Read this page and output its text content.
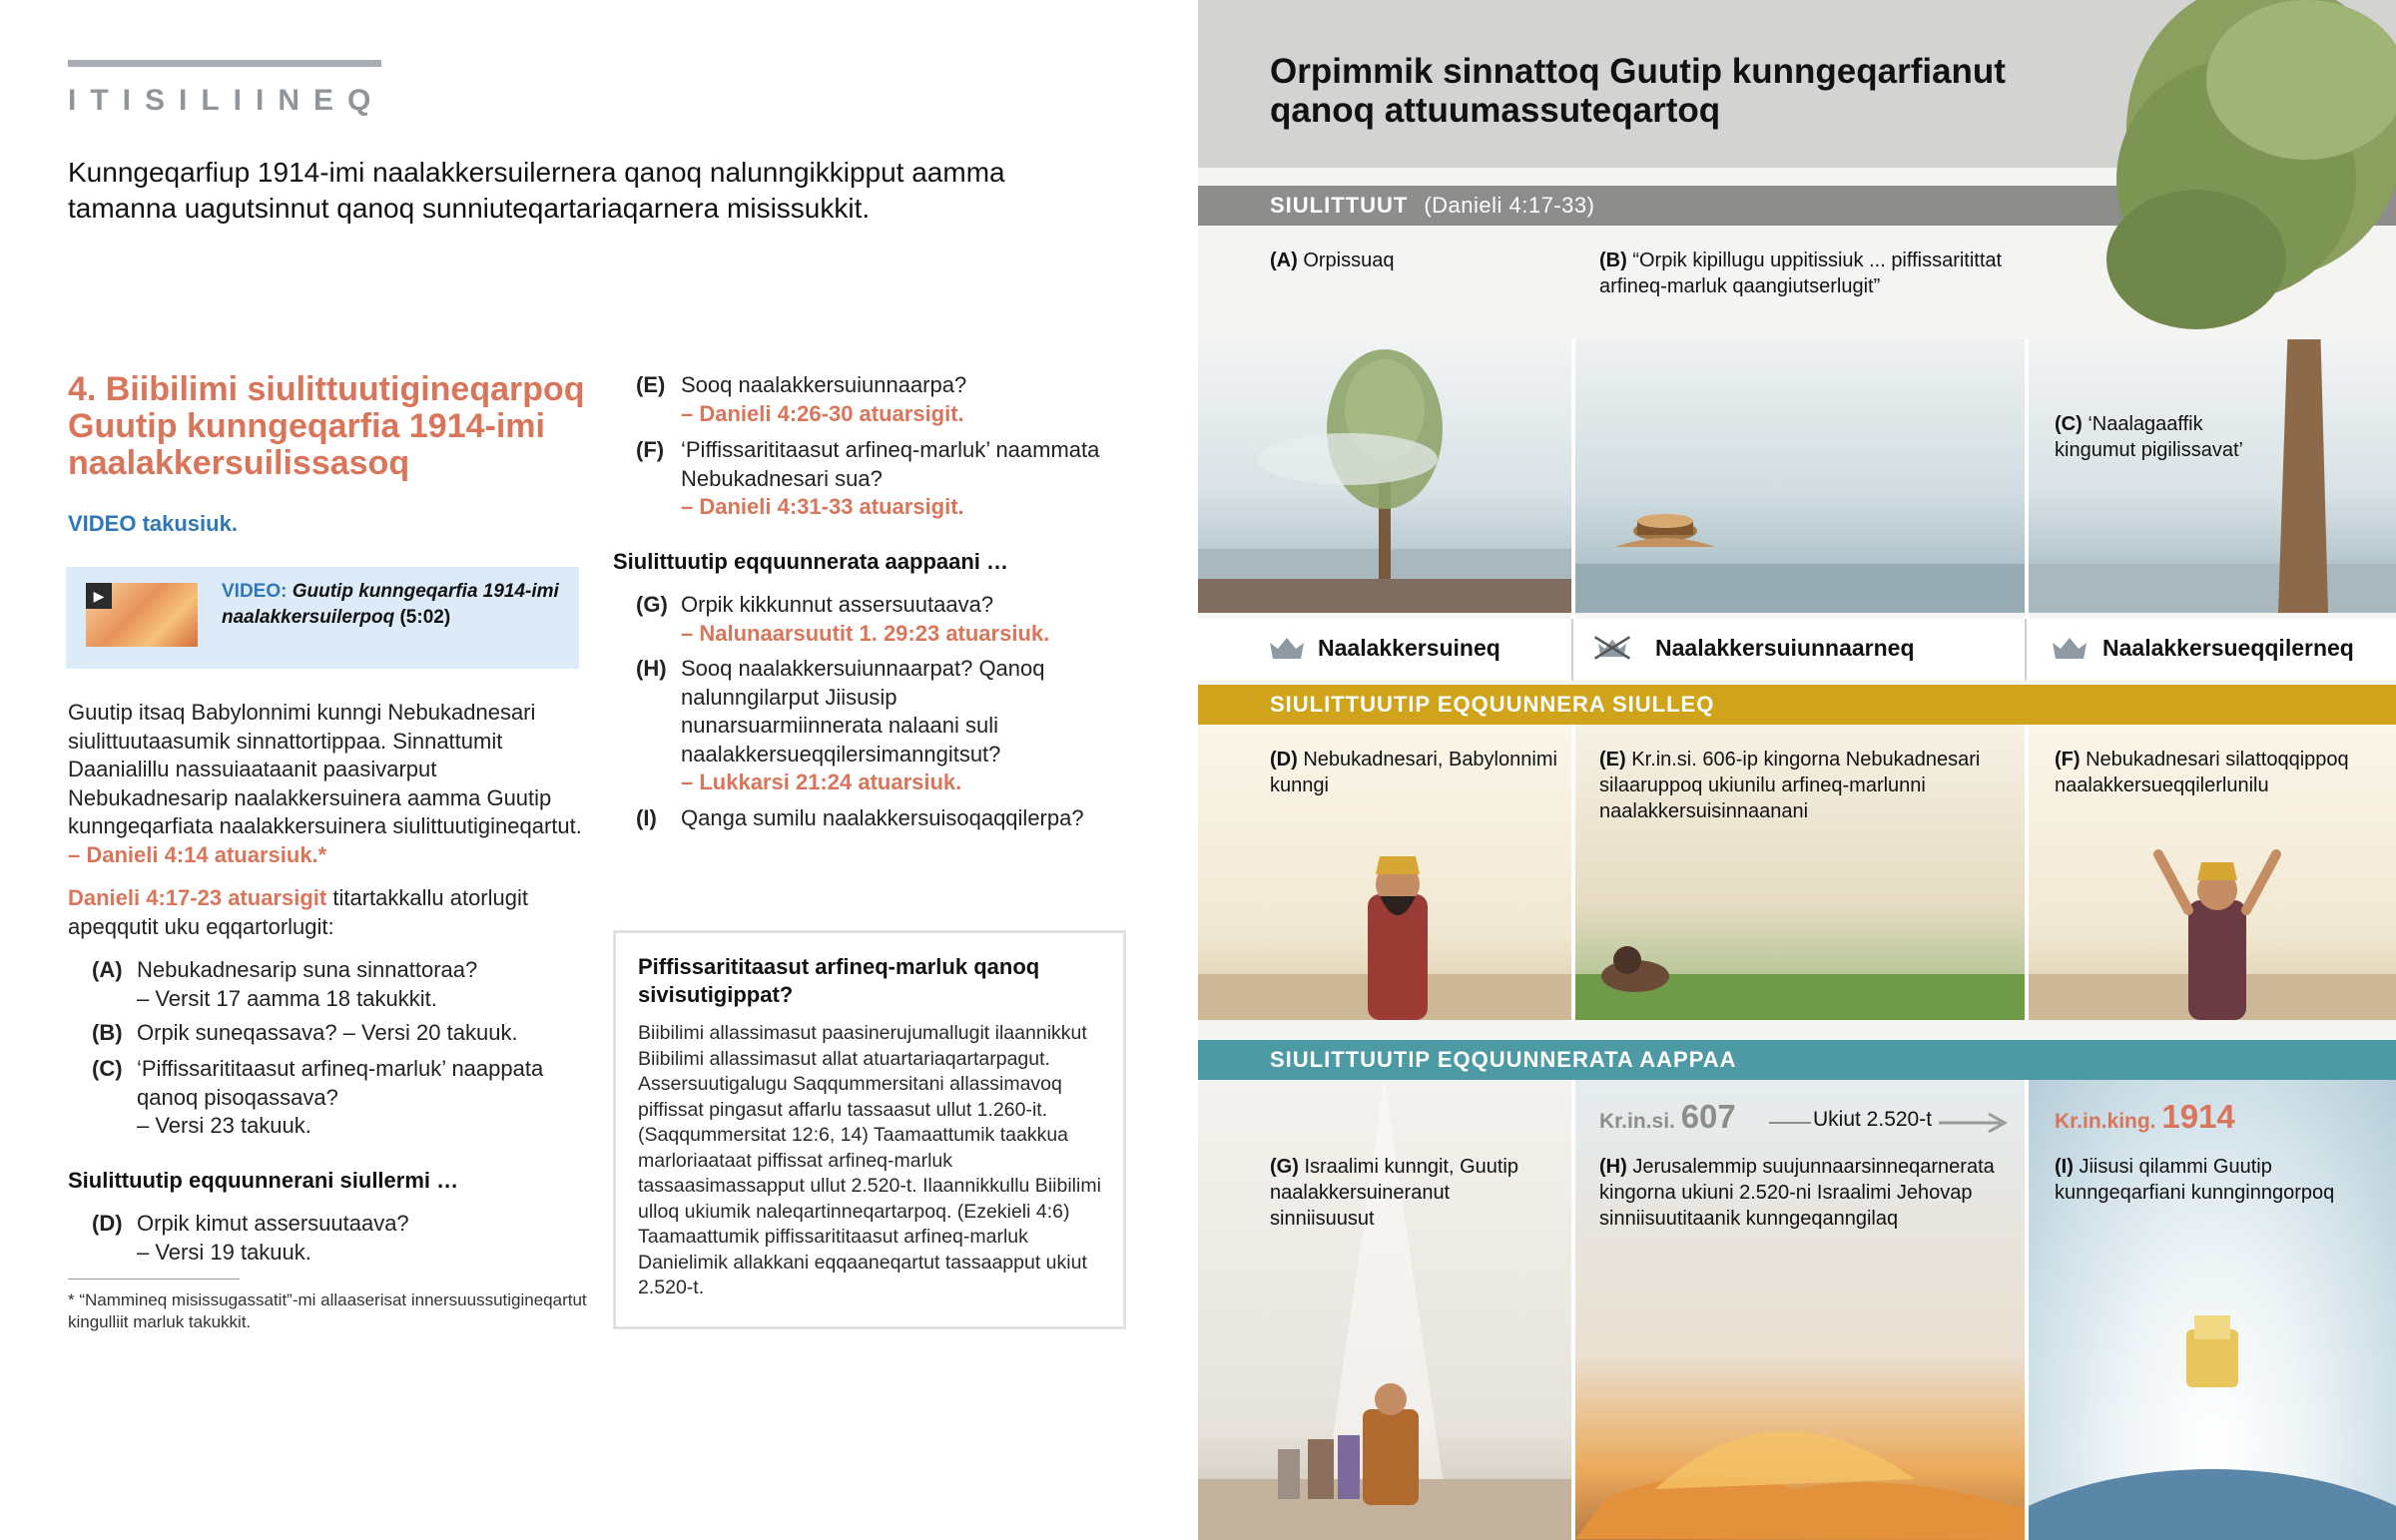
ITISILIINEQ
Kunngeqarfiup 1914-imi naalakkersuilernera qanoq nalunngikkipput aamma tamanna uagutsinnut qanoq sunniuteqartariaqarnera misissukkit.
4. Biibilimi siulittuutigineqarpoq Guutip kunngeqarfia 1914-imi naalakkersuilissasoq
VIDEO takusiuk.
▶	VIDEO: Guutip kunngeqarfia 1914-imi naalakkersuilerpoq (5:02)
Guutip itsaq Babylonnimi kunngi Nebukadnesari siulittuutaasumik sinnattortippaa. Sinnattumit Daanialillu nassuiaataanit paasivarput Nebukadnesarip naalakkersuinera aamma Guutip kunngeqarfiata naalakkersuinera siulittuutigineqartut.
– Danieli 4:14 atuarsiuk.*
Danieli 4:17-23 atuarsigit titartakkallu atorlugit apeqqutit uku eqqartorlugit:
(A) Nebukadnesarip suna sinnattoraa?
– Versit 17 aamma 18 takukkit.
(B) Orpik suneqassava? – Versi 20 takuuk.
(C) ‘Piffissarititaasut arfineq-marluk’ naappata qanoq pisoqassava?
– Versi 23 takuuk.
Siulittuutip eqquunnerani siullermi …
(D) Orpik kimut assersuutaava?
– Versi 19 takuuk.
* “Nammineq misissugassatit”-mi allaaserisat innersuussutigineqartut kingulliit marluk takukkit.
(E) Sooq naalakkersuiunnaarpa?
– Danieli 4:26-30 atuarsigit.
(F) ‘Piffissarititaasut arfineq-marluk’ naammata Nebukadnesari sua?
– Danieli 4:31-33 atuarsigit.
Siulittuutip eqquunnerata aappaani …
(G) Orpik kikkunnut assersuutaava?
– Nalunaarsuutit 1. 29:23 atuarsiuk.
(H) Sooq naalakkersuiunnaarpat? Qanoq nalunngilarput Jiisusip nunarsuarmiinnerata nalaani suli naalakkersueqqilersimanngitsut?
– Lukkarsi 21:24 atuarsiuk.
(I) Qanga sumilu naalakkersuisoqaqqilerpa?
Piffissarititaasut arfineq-marluk qanoq sivisutigippat?
Biibilimi allassimasut paasinerujumallugit ilaannikkut Biibilimi allassimasut allat atuartariaqartarpagut. Assersuutigalugu Saqqummersitani allassimavoq piffissat pingasut affarlu tassaasut ullut 1.260-it. (Saqqummersitat 12:6, 14) Taamaattumik taakkua marloriaataat piffissat arfineq-marluk tassaasimassapput ullut 2.520-t. Ilaannikkullu Biibilimi ulloq ukiumik naleqartinneqartarpoq. (Ezekieli 4:6) Taamaattumik piffissarititaasut arfineq-marluk Danielimik allakkani eqqaaneqartut tassaapput ukiut 2.520-t.
Orpimmik sinnattoq Guutip kunngeqarfianut qanoq attuumassuteqartoq
SIULITTUUT (Danieli 4:17-33)
(A) Orpissuaq	(B) “Orpik kipillugu uppitissiuk ... piffissaritittat arfineq-marluk qaangiutserlugit”
(C) ‘Naalagaaffik kingumut pigilissavat’
Naalakkersuineq	Naalakkersuiunnaarneq	Naalakkersueqqilerneq
SIULITTUUTIP EQQUUNNERA SIULLEQ
(D) Nebukadnesari, Babylonnimi kunngi
(E) Kr.in.si. 606-ip kingorna Nebukadnesari silaaruppoq ukiunilu arfineq-marlunni naalakkersuisinnaanani
(F) Nebukadnesari silattoqqippoq naalakkersueqqilerlunilu
SIULITTUUTIP EQQUUNNERATA AAPPAA
Kr.in.si. 607	Ukiut 2.520-t	Kr.in.king. 1914
(G) Israalimi kunngit, Guutip naalakkersuineranut sinniisuusut
(H) Jerusalemmip suujunnaarsinneqarnerata kingorna ukiuni 2.520-ni Israalimi Jehovap sinniisuutitaanik kunngeqanngilaq
(I) Jiisusi qilammi Guutip kunngeqarfiani kunnginngorpoq
